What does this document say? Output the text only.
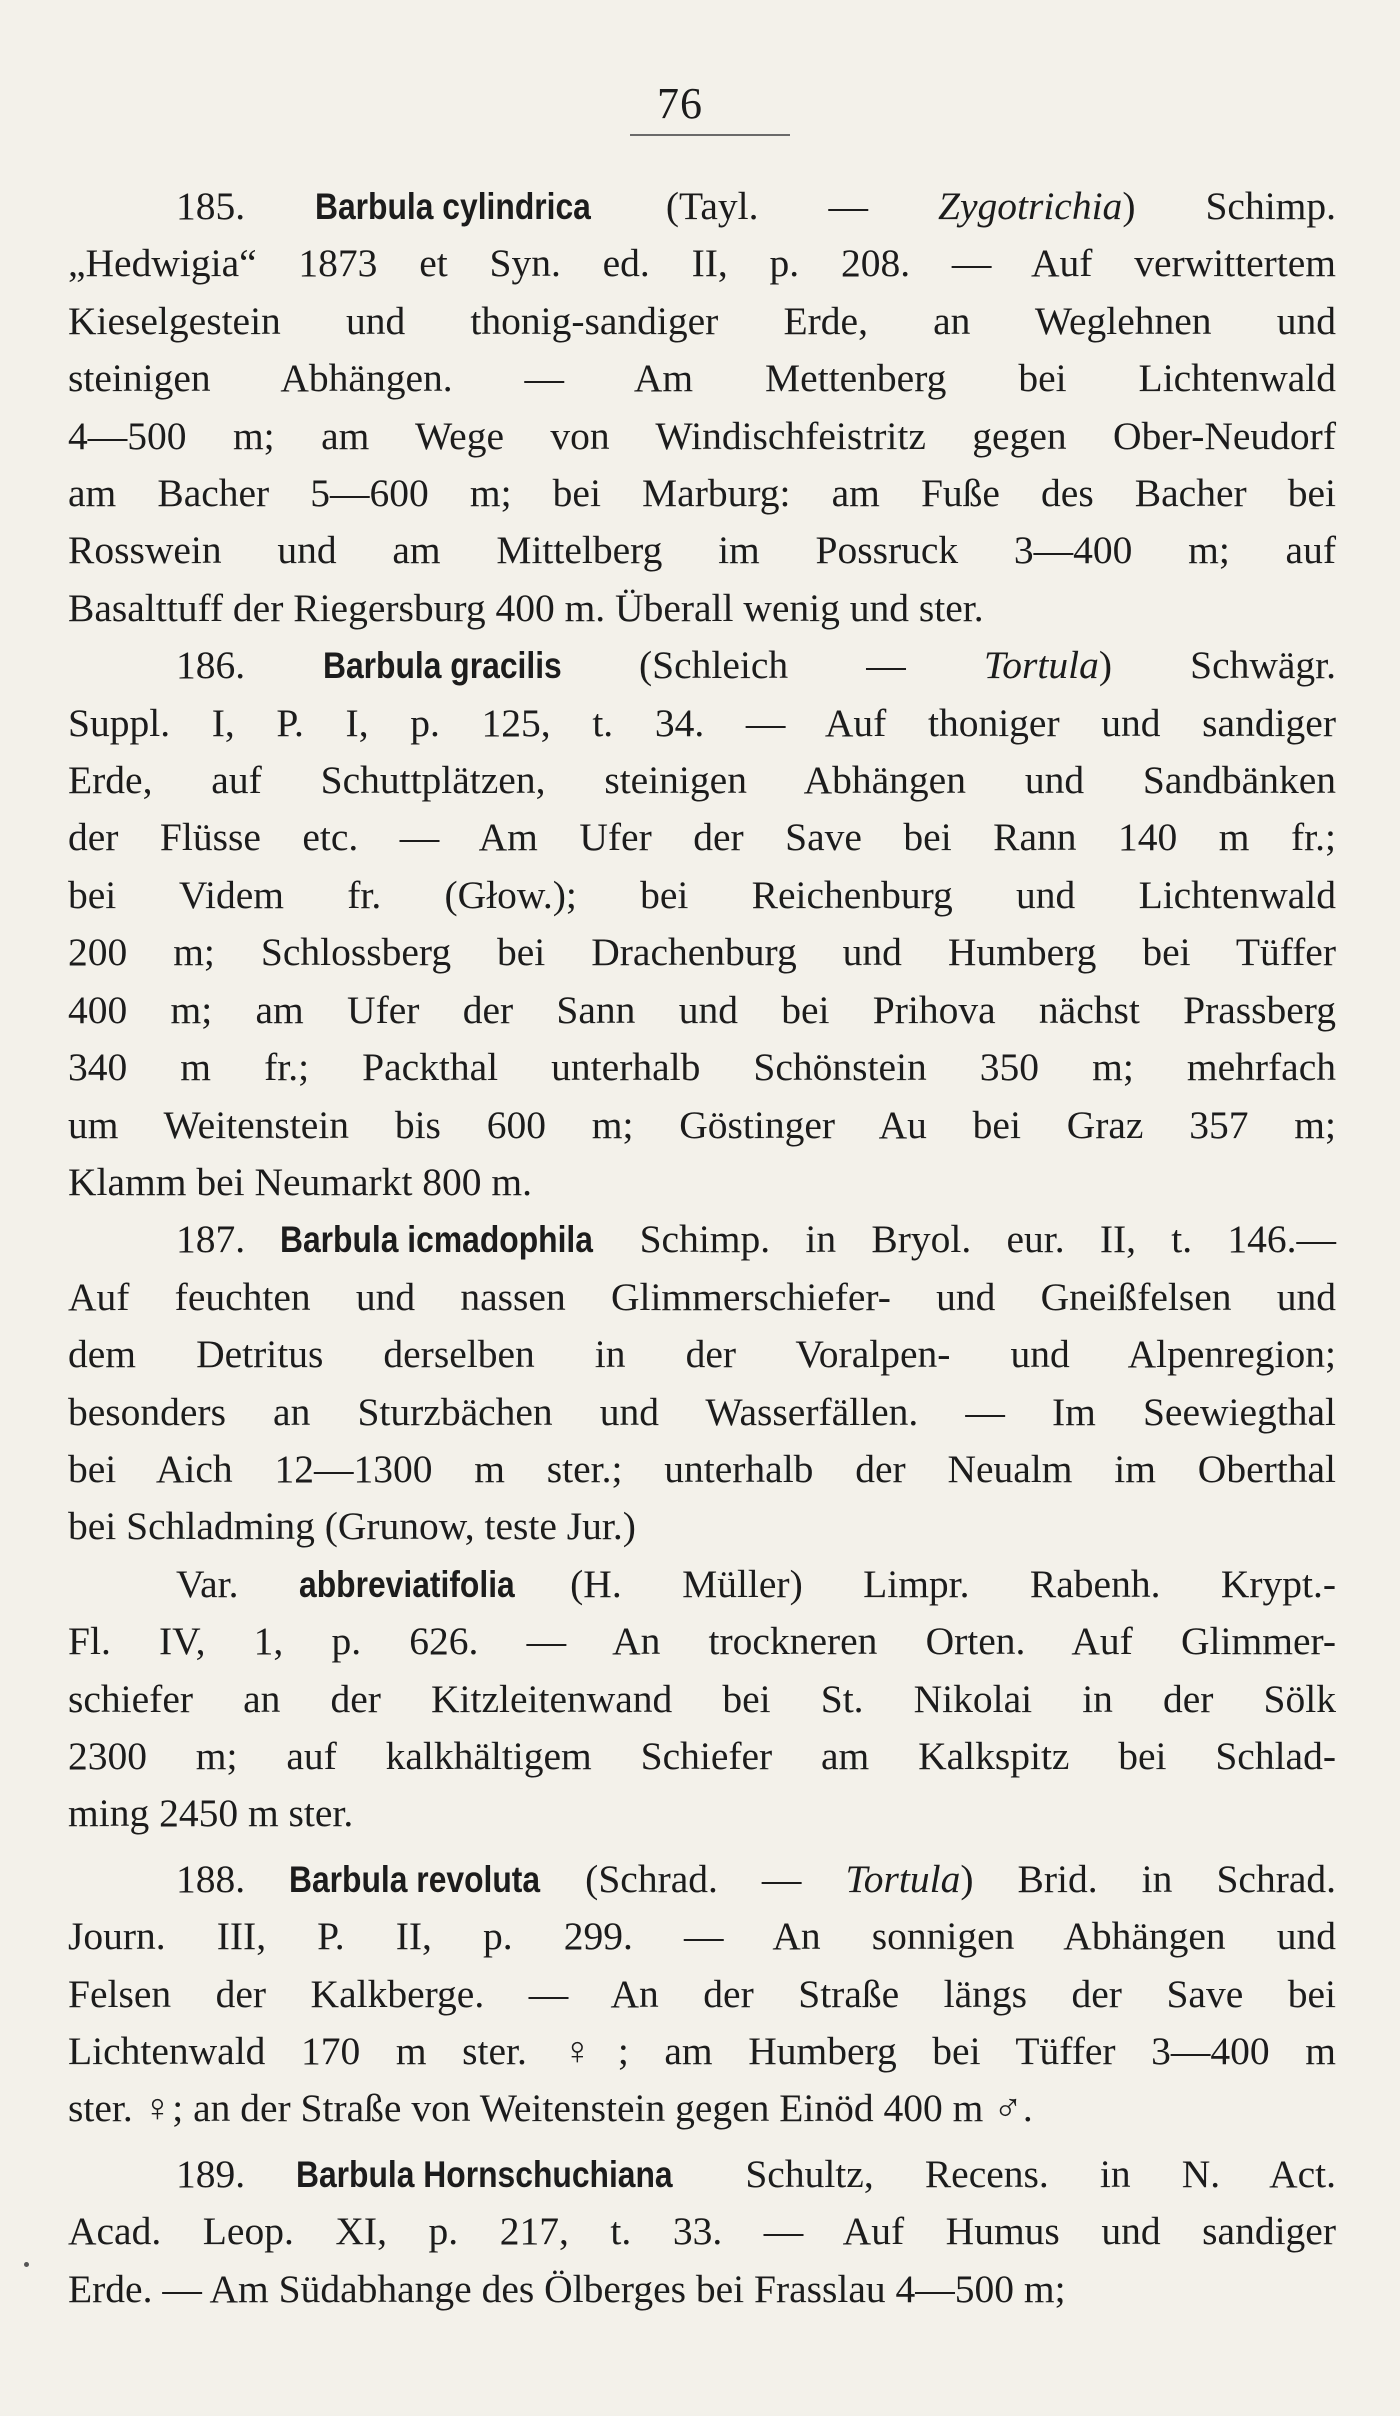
76
185. Barbula cylindrica (Tayl. — Zygotrichia) Schimp.
„Hedwigia“ 1873 et Syn. ed. II, p. 208. — Auf verwittertem
Kieselgestein und thonig-sandiger Erde, an Weglehnen und
steinigen Abhängen. — Am Mettenberg bei Lichtenwald
4—500 m; am Wege von Windischfeistritz gegen Ober-Neudorf
am Bacher 5—600 m; bei Marburg: am Fuße des Bacher bei
Rosswein und am Mittelberg im Possruck 3—400 m; auf
Basalttuff der Riegersburg 400 m. Überall wenig und ster.
186. Barbula gracilis (Schleich — Tortula) Schwägr.
Suppl. I, P. I, p. 125, t. 34. — Auf thoniger und sandiger
Erde, auf Schuttplätzen, steinigen Abhängen und Sandbänken
der Flüsse etc. — Am Ufer der Save bei Rann 140 m fr.;
bei Videm fr. (Głow.); bei Reichenburg und Lichtenwald
200 m; Schlossberg bei Drachenburg und Humberg bei Tüffer
400 m; am Ufer der Sann und bei Prihova nächst Prassberg
340 m fr.; Packthal unterhalb Schönstein 350 m; mehrfach
um Weitenstein bis 600 m; Göstinger Au bei Graz 357 m;
Klamm bei Neumarkt 800 m.
187. Barbula icmadophila Schimp. in Bryol. eur. II, t. 146.—
Auf feuchten und nassen Glimmerschiefer- und Gneißfelsen und
dem Detritus derselben in der Voralpen- und Alpenregion;
besonders an Sturzbächen und Wasserfällen. — Im Seewiegthal
bei Aich 12—1300 m ster.; unterhalb der Neualm im Oberthal
bei Schladming (Grunow, teste Jur.)
Var. abbreviatifolia (H. Müller) Limpr. Rabenh. Krypt.-
Fl. IV, 1, p. 626. — An trockneren Orten. Auf Glimmer-
schiefer an der Kitzleitenwand bei St. Nikolai in der Sölk
2300 m; auf kalkhältigem Schiefer am Kalkspitz bei Schlad-
ming 2450 m ster.
188. Barbula revoluta (Schrad. — Tortula) Brid. in Schrad.
Journ. III, P. II, p. 299. — An sonnigen Abhängen und
Felsen der Kalkberge. — An der Straße längs der Save bei
Lichtenwald 170 m ster. ♀; am Humberg bei Tüffer 3—400 m
ster. ♀; an der Straße von Weitenstein gegen Einöd 400 m ♂.
189. Barbula Hornschuchiana Schultz, Recens. in N. Act.
Acad. Leop. XI, p. 217, t. 33. — Auf Humus und sandiger
Erde. — Am Südabhange des Ölberges bei Frasslau 4—500 m;
